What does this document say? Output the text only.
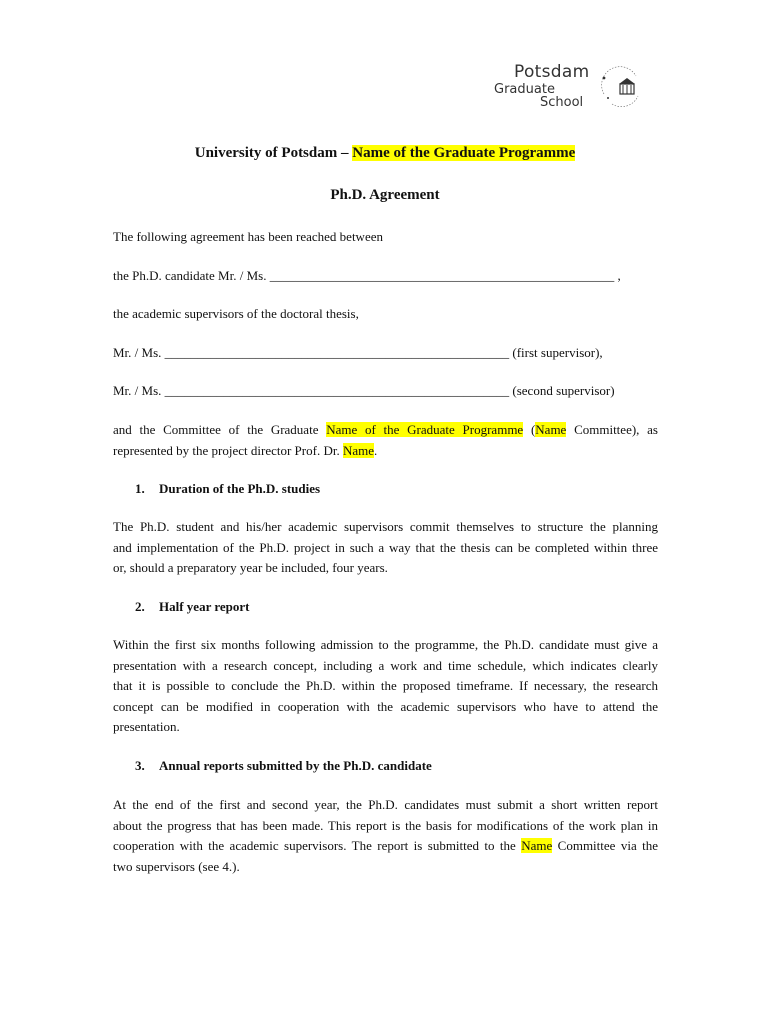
Potsdam
Graduate
School
University of Potsdam – Name of the Graduate Programme
Ph.D. Agreement
The following agreement has been reached between
the Ph.D. candidate Mr. / Ms. _____________________________________________________ ,
the academic supervisors of the doctoral thesis,
Mr. / Ms. _____________________________________________________ (first supervisor),
Mr. / Ms. _____________________________________________________ (second supervisor)
and the Committee of the Graduate Name of the Graduate Programme (Name Committee), as
represented by the project director Prof. Dr. Name.
1. Duration of the Ph.D. studies
The Ph.D. student and his/her academic supervisors commit themselves to structure the planning
and implementation of the Ph.D. project in such a way that the thesis can be completed within three
or, should a preparatory year be included, four years.
2. Half year report
Within the first six months following admission to the programme, the Ph.D. candidate must give a
presentation with a research concept, including a work and time schedule, which indicates clearly
that it is possible to conclude the Ph.D. within the proposed timeframe. If necessary, the research
concept can be modified in cooperation with the academic supervisors who have to attend the
presentation.
3. Annual reports submitted by the Ph.D. candidate
At the end of the first and second year, the Ph.D. candidates must submit a short written report
about the progress that has been made. This report is the basis for modifications of the work plan in
cooperation with the academic supervisors. The report is submitted to the Name Committee via the
two supervisors (see 4.).
